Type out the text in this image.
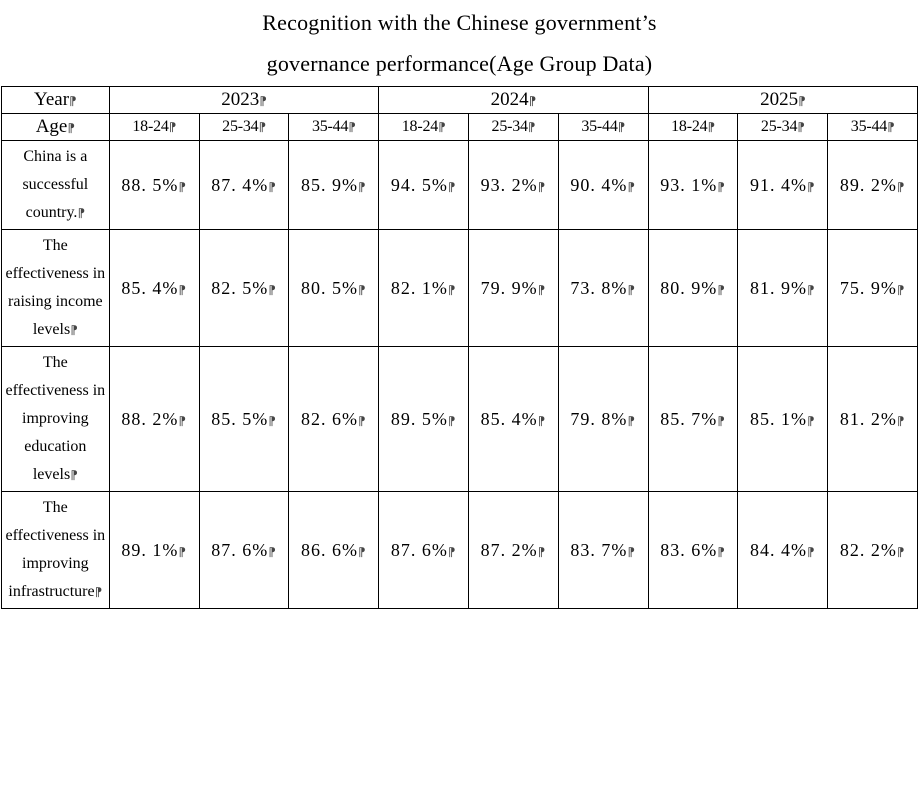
Recognition with the Chinese government’s
governance performance(Age Group Data)									

Year⁋	2023⁋			2024⁋			2025⁋		
Age⁋	18-24⁋	25-34⁋	35-44⁋	18-24⁋	25-34⁋	35-44⁋	18-24⁋	25-34⁋	35-44⁋
China is a successful country.⁋	88. 5%⁋	87. 4%⁋	85. 9%⁋	94. 5%⁋	93. 2%⁋	90. 4%⁋	93. 1%⁋	91. 4%⁋	89. 2%⁋
The effectiveness in raising income levels⁋	85. 4%⁋	82. 5%⁋	80. 5%⁋	82. 1%⁋	79. 9%⁋	73. 8%⁋	80. 9%⁋	81. 9%⁋	75. 9%⁋
The effectiveness in improving education levels⁋	88. 2%⁋	85. 5%⁋	82. 6%⁋	89. 5%⁋	85. 4%⁋	79. 8%⁋	85. 7%⁋	85. 1%⁋	81. 2%⁋
The effectiveness in improving infrastructure⁋	89. 1%⁋	87. 6%⁋	86. 6%⁋	87. 6%⁋	87. 2%⁋	83. 7%⁋	83. 6%⁋	84. 4%⁋	82. 2%⁋
